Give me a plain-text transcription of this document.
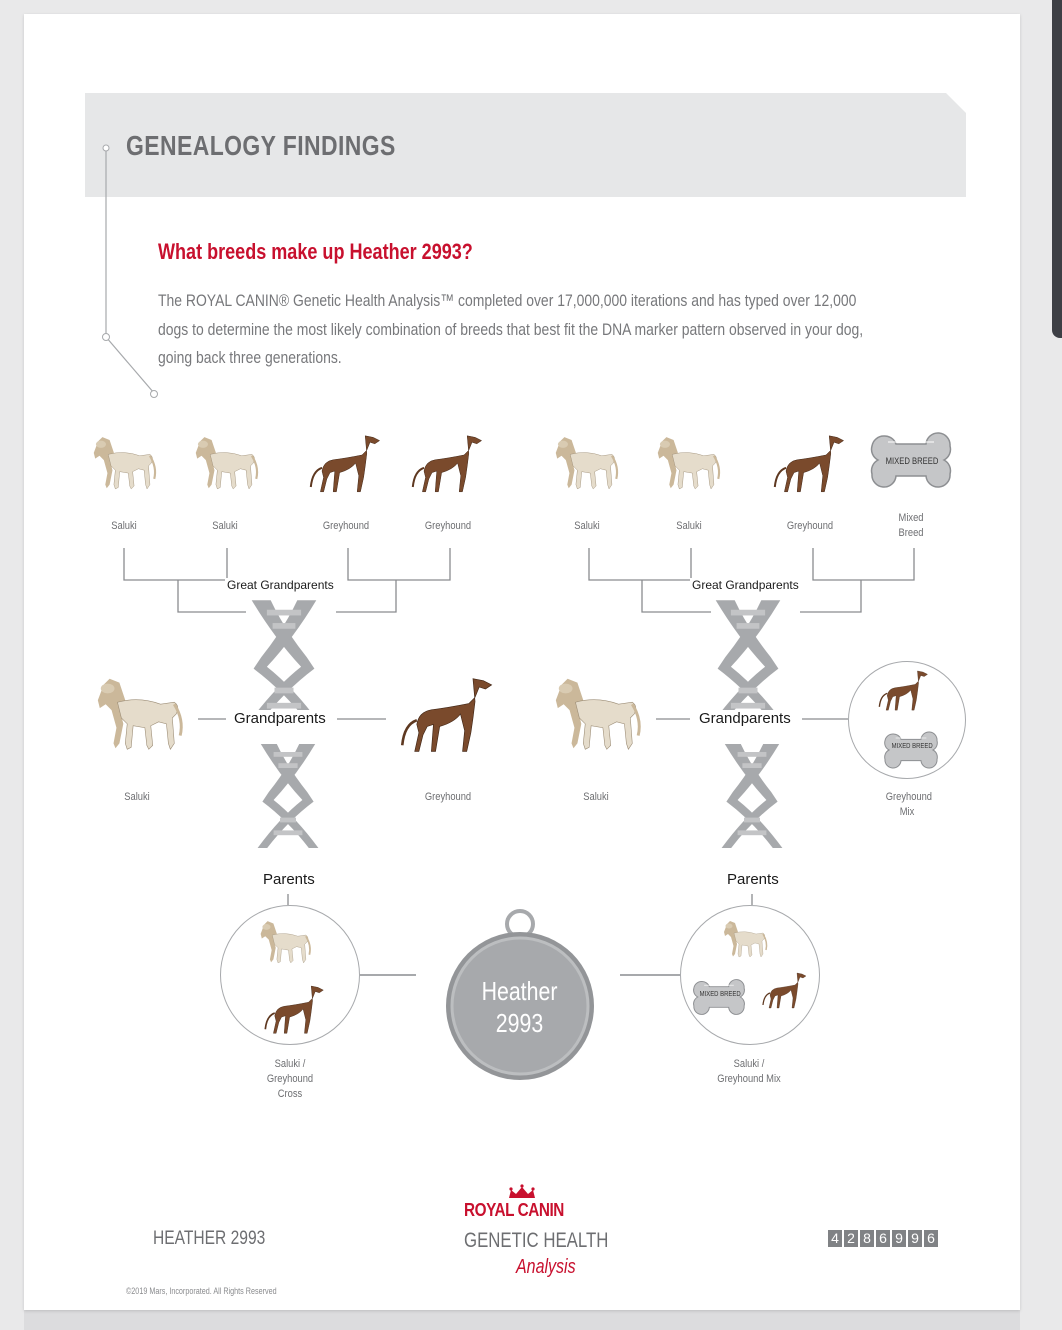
GENEALOGY FINDINGS
What breeds make up Heather 2993?
The ROYAL CANIN® Genetic Health Analysis™ completed over 17,000,000 iterations and has typed over 12,000 dogs to determine the most likely combination of breeds that best fit the DNA marker pattern observed in your dog, going back three generations.
MIXED BREED
Saluki	Saluki	Greyhound	Greyhound	Saluki	Saluki	Greyhound
Mixed Breed
Great Grandparents	Great Grandparents
MIXED BREED
Grandparents	Grandparents
Saluki	Greyhound	Saluki	Greyhound Mix
Parents	Parents
MIXED BREED
Saluki / Greyhound Cross
Saluki / Greyhound Mix
Heather
2993
HEATHER 2993
ROYAL CANIN
GENETIC HEALTH
Analysis
4 2 8 6 9 9 6
©2019 Mars, Incorporated. All Rights Reserved
